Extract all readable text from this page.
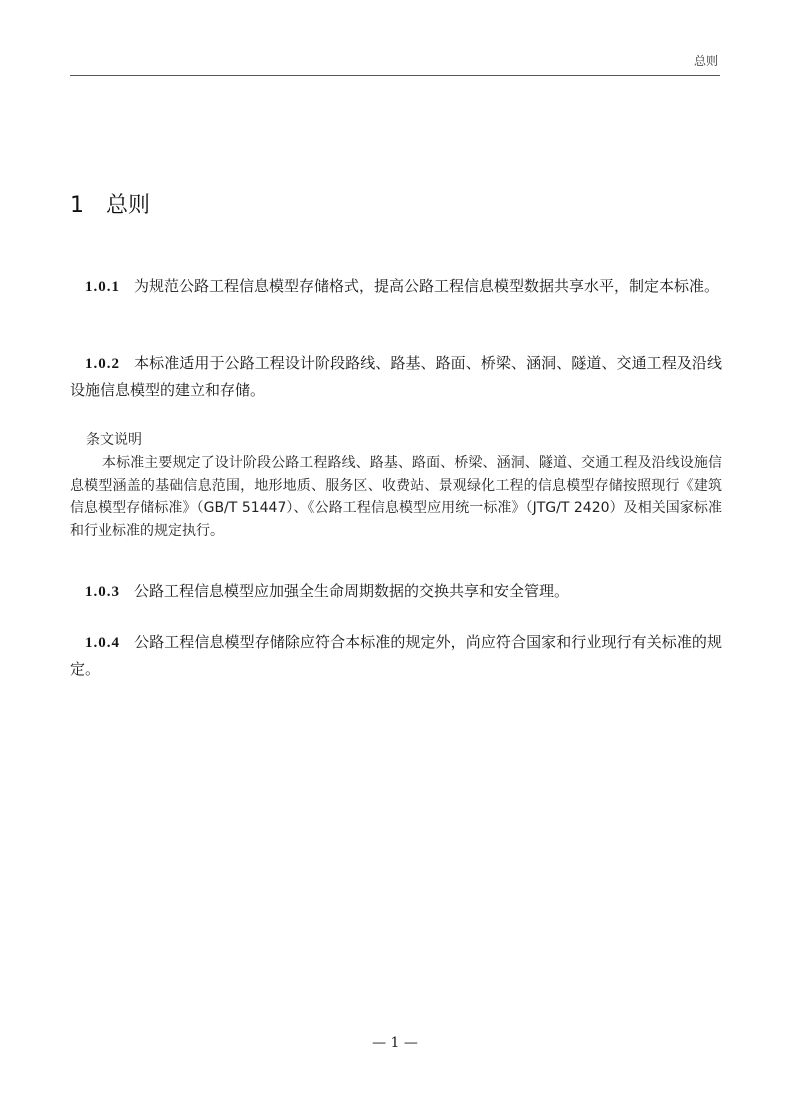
总则
1 总则

1.0.1 为规范公路工程信息模型存储格式，提高公路工程信息模型数据共享水平，制定本标准。

1.0.2 本标准适用于公路工程设计阶段路线、路基、路面、桥梁、涵洞、隧道、交通工程及沿线设施信息模型的建立和存储。

条文说明

本标准主要规定了设计阶段公路工程路线、路基、路面、桥梁、涵洞、隧道、交通工程及沿线设施信息模型涵盖的基础信息范围，地形地质、服务区、收费站、景观绿化工程的信息模型存储按照现行《建筑信息模型存储标准》（GB/T 51447）、《公路工程信息模型应用统一标准》（JTG/T 2420）及相关国家标准和行业标准的规定执行。

1.0.3 公路工程信息模型应加强全生命周期数据的交换共享和安全管理。

1.0.4 公路工程信息模型存储除应符合本标准的规定外，尚应符合国家和行业现行有关标准的规定。

— 1 —
